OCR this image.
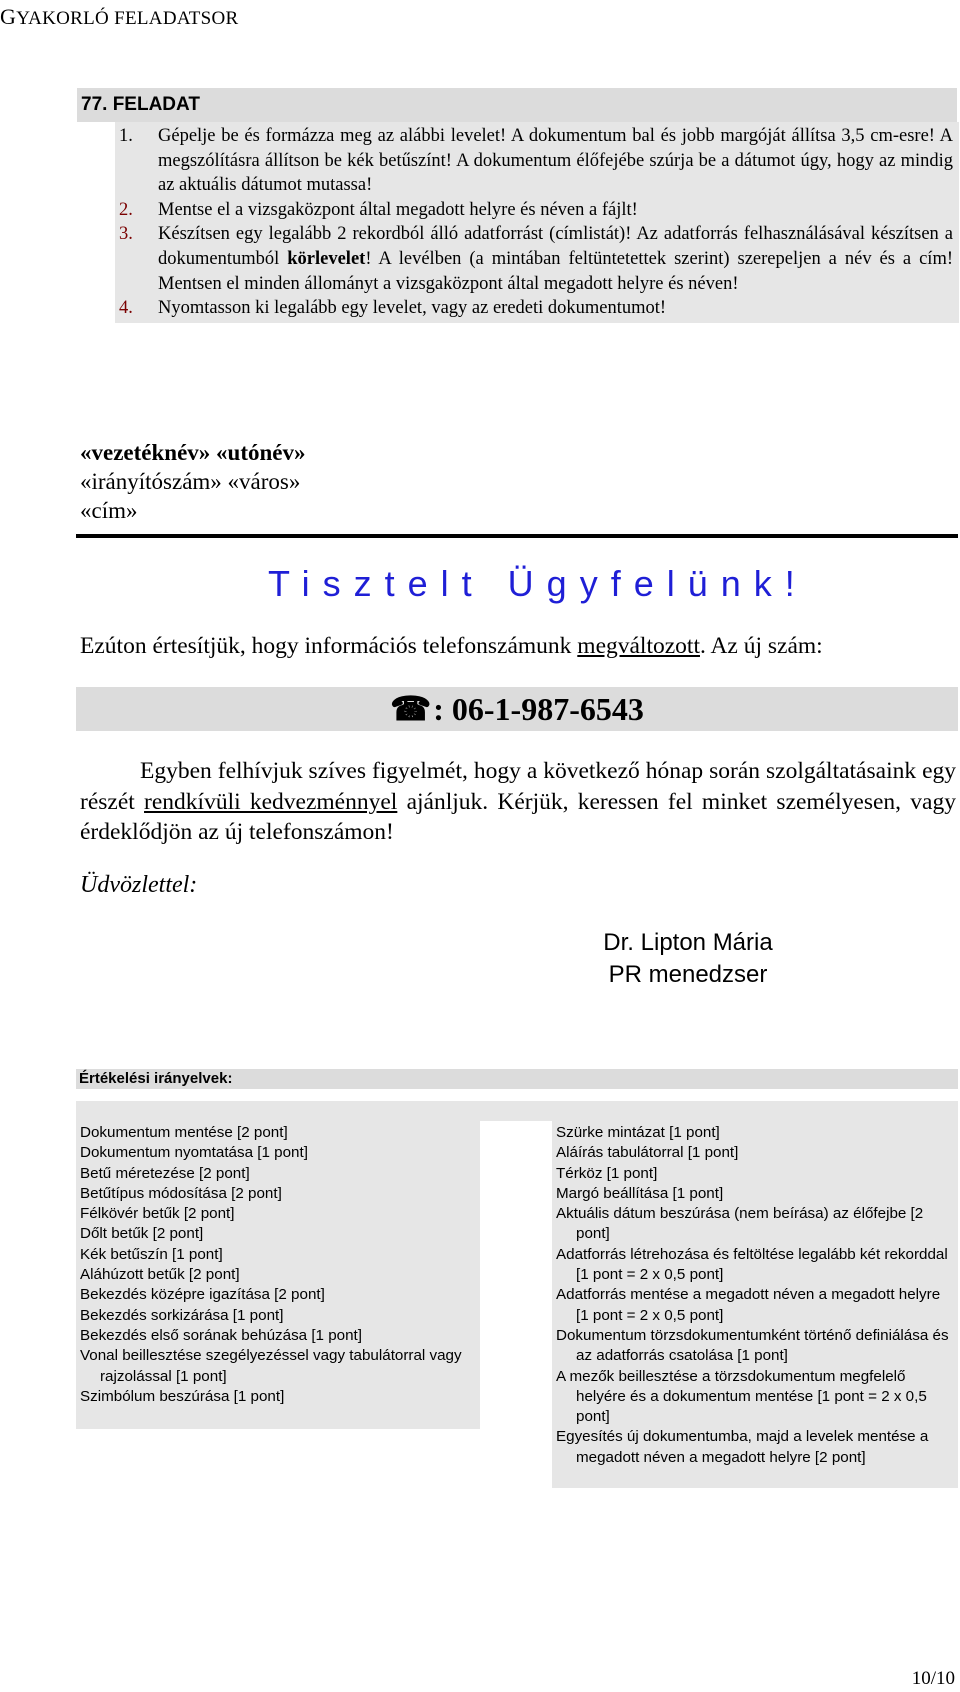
GYAKORLÓ FELADATSOR
77. FELADAT
1. Gépelje be és formázza meg az alábbi levelet! A dokumentum bal és jobb margóját állítsa 3,5 cm-esre! A megszólításra állítson be kék betűszínt! A dokumentum élőfejébe szúrja be a dátumot úgy, hogy az mindig az aktuális dátumot mutassa!
2. Mentse el a vizsgaközpont által megadott helyre és néven a fájlt!
3. Készítsen egy legalább 2 rekordból álló adatforrást (címlistát)! Az adatforrás felhasználásával készítsen a dokumentumból körlevelet! A levélben (a mintában feltüntetettek szerint) szerepeljen a név és a cím! Mentsen el minden állományt a vizsgaközpont által megadott helyre és néven!
4. Nyomtasson ki legalább egy levelet, vagy az eredeti dokumentumot!
«vezetéknév» «utónév»
«irányítószám» «város»
«cím»
Tisztelt Ügyfelünk!
Ezúton értesítjük, hogy információs telefonszámunk megváltozott. Az új szám:
☎: 06-1-987-6543
Egyben felhívjuk szíves figyelmét, hogy a következő hónap során szolgáltatásaink egy részét rendkívüli kedvezménnyel ajánljuk. Kérjük, keressen fel minket személyesen, vagy érdeklődjön az új telefonszámon!
Üdvözlettel:
Dr. Lipton Mária
PR menedzser
Értékelési irányelvek:
Dokumentum mentése [2 pont]
Dokumentum nyomtatása [1 pont]
Betű méretezése [2 pont]
Betűtípus módosítása [2 pont]
Félkövér betűk [2 pont]
Dőlt betűk [2 pont]
Kék betűszín [1 pont]
Aláhúzott betűk [2 pont]
Bekezdés középre igazítása [2 pont]
Bekezdés sorkizárása [1 pont]
Bekezdés első sorának behúzása [1 pont]
Vonal beillesztése szegélyezéssel vagy tabulátorral vagy rajzolással [1 pont]
Szimbólum beszúrása [1 pont]
Szürke mintázat [1 pont]
Aláírás tabulátorral [1 pont]
Térköz [1 pont]
Margó beállítása [1 pont]
Aktuális dátum beszúrása (nem beírása) az élőfejbe [2 pont]
Adatforrás létrehozása és feltöltése legalább két rekorddal [1 pont = 2 x 0,5 pont]
Adatforrás mentése a megadott néven a megadott helyre [1 pont = 2 x 0,5 pont]
Dokumentum törzsdokumentumként történő definiálása és az adatforrás csatolása [1 pont]
A mezők beillesztése a törzsdokumentum megfelelő helyére és a dokumentum mentése [1 pont = 2 x 0,5 pont]
Egyesítés új dokumentumba, majd a levelek mentése a megadott néven a megadott helyre [2 pont]
10/10
